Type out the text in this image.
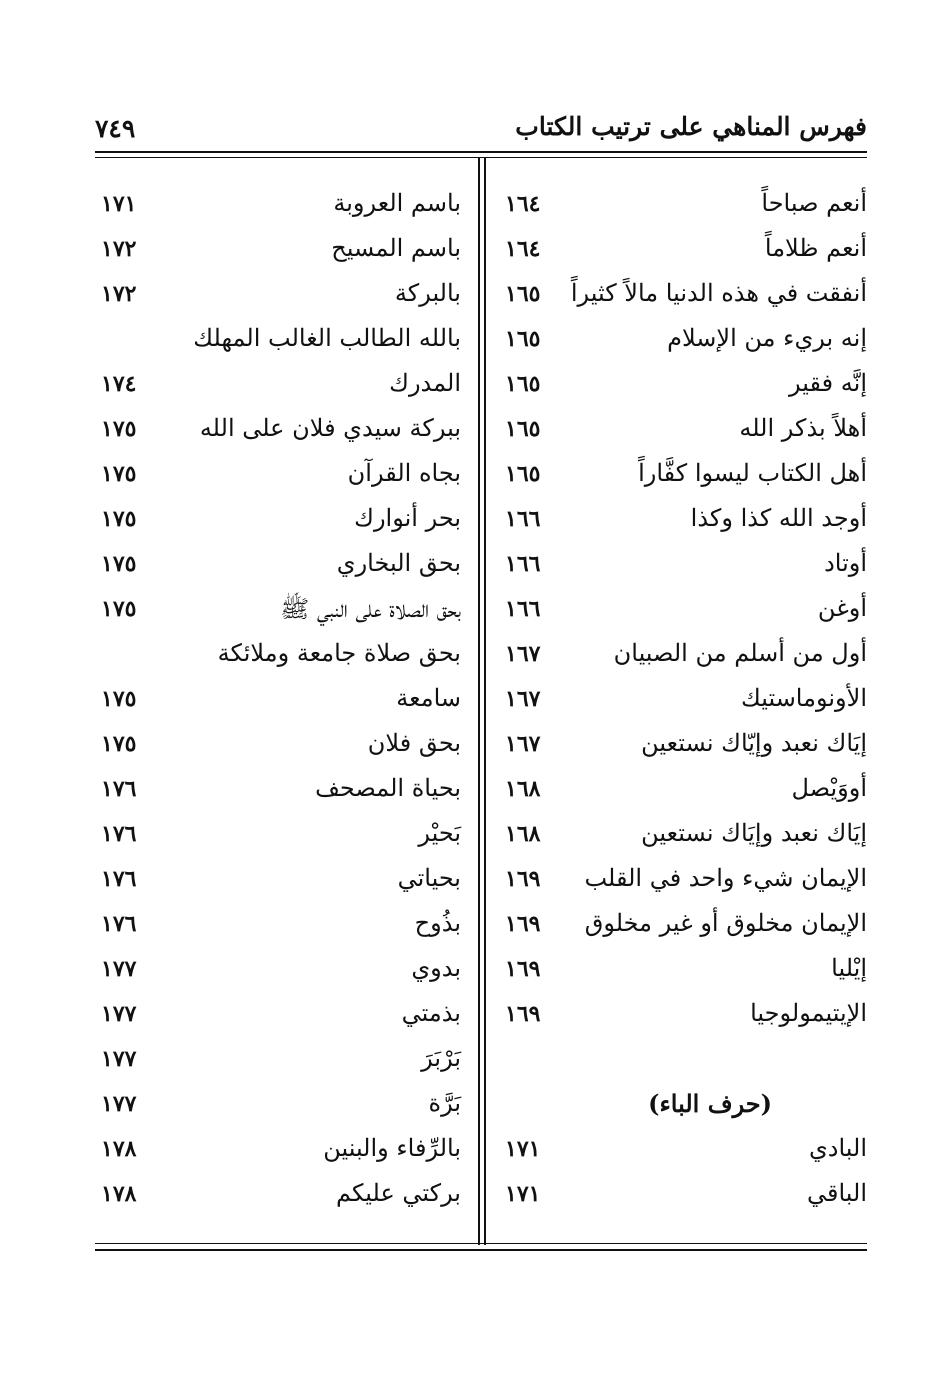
فهرس المناهي على ترتيب الكتاب
٧٤٩
أنعم صباحاً
١٦٤
أنعم ظلاماً
١٦٤
أنفقت في هذه الدنيا مالاً كثيراً
١٦٥
إنه بريء من الإسلام
١٦٥
إنَّه فقير
١٦٥
أهلاً بذكر الله
١٦٥
أهل الكتاب ليسوا كفَّاراً
١٦٥
أوجد الله كذا وكذا
١٦٦
أوتاد
١٦٦
أوغن
١٦٦
أول من أسلم من الصبيان
١٦٧
الأونوماستيك
١٦٧
إيَاك نعبد وإيّاك نستعين
١٦٧
أووَيْصل
١٦٨
إيَاك نعبد وإيَاك نستعين
١٦٨
الإيمان شيء واحد في القلب
١٦٩
الإيمان مخلوق أو غير مخلوق
١٦٩
إيْليا
١٦٩
الإيتيمولوجيا
١٦٩
(حرف الباء)
البادي
١٧١
الباقي
١٧١
باسم العروبة
١٧١
باسم المسيح
١٧٢
بالبركة
١٧٢
بالله الطالب الغالب المهلك
المدرك
١٧٤
ببركة سيدي فلان على الله
١٧٥
بجاه القرآن
١٧٥
بحر أنوارك
١٧٥
بحق البخاري
١٧٥
بحق الصلاة على النبي ﷺ
١٧٥
بحق صلاة جامعة وملائكة
سامعة
١٧٥
بحق فلان
١٧٥
بحياة المصحف
١٧٦
بَحيْر
١٧٦
بحياتي
١٧٦
بذُوح
١٧٦
بدوي
١٧٧
بذمتي
١٧٧
بَرْبَرَ
١٧٧
بَرَّة
١٧٧
بالرِّفاء والبنين
١٧٨
بركتي عليكم
١٧٨
